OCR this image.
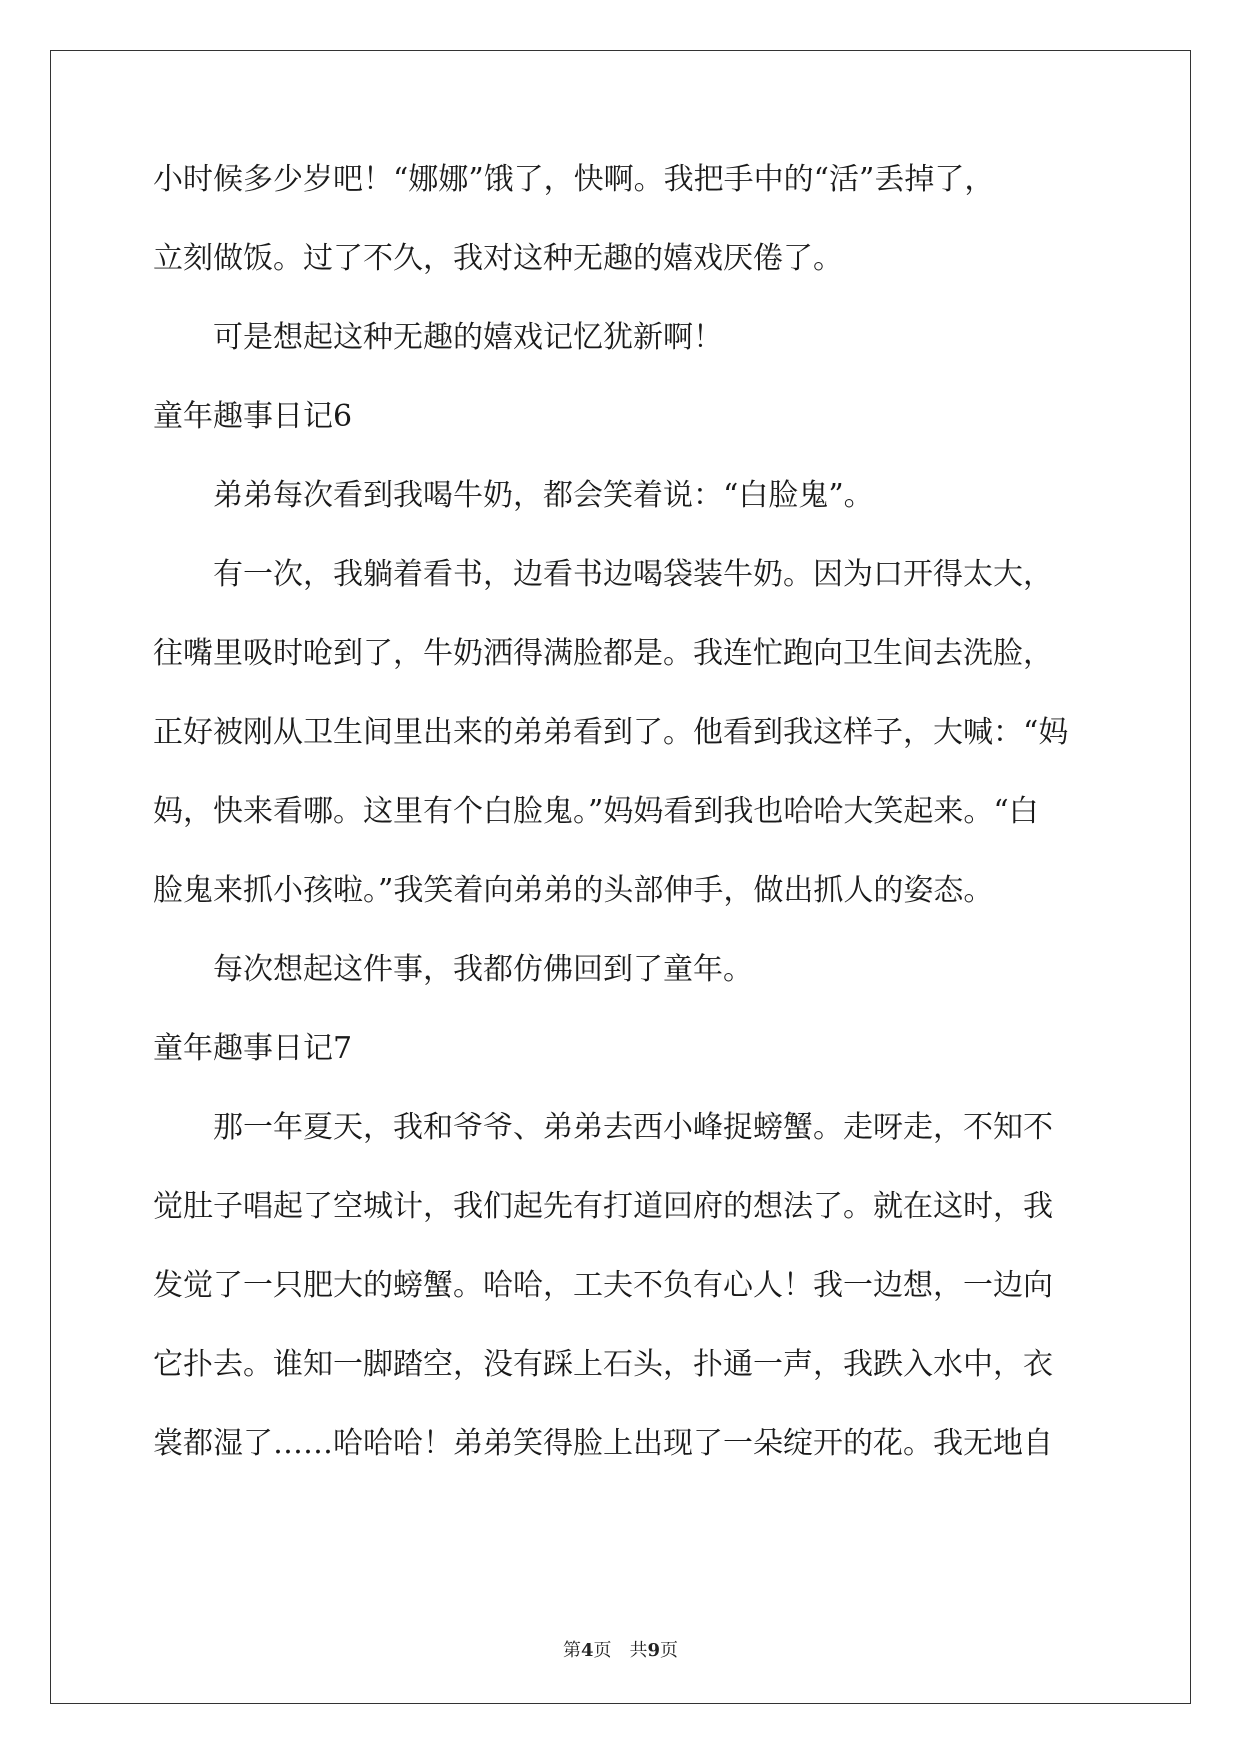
小时候多少岁吧！“娜娜”饿了，快啊。我把手中的“活”丢掉了，
立刻做饭。过了不久，我对这种无趣的嬉戏厌倦了。
　　可是想起这种无趣的嬉戏记忆犹新啊！
童年趣事日记6
　　弟弟每次看到我喝牛奶，都会笑着说：“白脸鬼”。
　　有一次，我躺着看书，边看书边喝袋装牛奶。因为口开得太大，
往嘴里吸时呛到了，牛奶洒得满脸都是。我连忙跑向卫生间去洗脸，
正好被刚从卫生间里出来的弟弟看到了。他看到我这样子，大喊：“妈
妈，快来看哪。这里有个白脸鬼。”妈妈看到我也哈哈大笑起来。“白
脸鬼来抓小孩啦。”我笑着向弟弟的头部伸手，做出抓人的姿态。
　　每次想起这件事，我都仿佛回到了童年。
童年趣事日记7
　　那一年夏天，我和爷爷、弟弟去西小峰捉螃蟹。走呀走，不知不
觉肚子唱起了空城计，我们起先有打道回府的想法了。就在这时，我
发觉了一只肥大的螃蟹。哈哈，工夫不负有心人！我一边想，一边向
它扑去。谁知一脚踏空，没有踩上石头，扑通一声，我跌入水中，衣
裳都湿了……哈哈哈！弟弟笑得脸上出现了一朵绽开的花。我无地自
第4页　共9页
